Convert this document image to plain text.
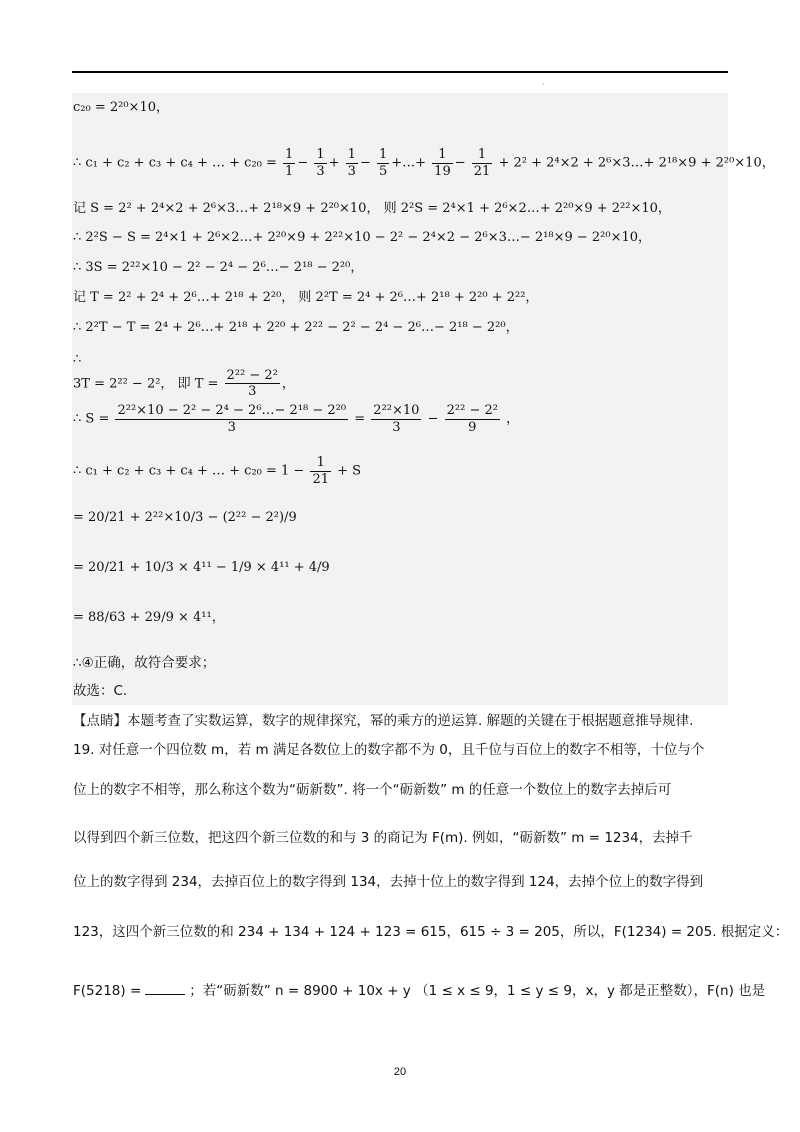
·
c₂₀ = 2²⁰×10，
∴ c₁ + c₂ + c₃ + c₄ + … + $c_{20} = \frac{1}{1} - \frac{1}{3} + \frac{1}{3} - \frac{1}{5}$ +…+ $\frac{1}{19} - \frac{1}{21} + 2^2 + 2^4\times 2$ + 2⁶×3…+ 2¹⁸×9 + 2²⁰×10，
记 S = 2² + 2⁴×2 + 2⁶×3…+ 2¹⁸×9 + 2²⁰×10， 则 2²S = 2⁴×1 + 2⁶×2…+ 2²⁰×9 + 2²²×10，
∴ 2²S − S = 2⁴×1 + 2⁶×2…+ 2²⁰×9 + 2²²×10 − 2² − 2⁴×2 − 2⁶×3…− 2¹⁸×9 − 2²⁰×10，
∴ 3S = 2²²×10 − 2² − 2⁴ − 2⁶…− 2¹⁸ − 2²⁰，
记 T = 2² + 2⁴ + 2⁶…+ 2¹⁸ + 2²⁰， 则 2²T = 2⁴ + 2⁶…+ 2¹⁸ + 2²⁰ + 2²²，
∴ 2²T − T = 2⁴ + 2⁶…+ 2¹⁸ + 2²⁰ + 2²² − 2² − 2⁴ − 2⁶…− 2¹⁸ − 2²⁰，
∴
3T = 2²² − 2²， 即 $T = \frac{\text{2²² − 2²}}{3}$ ，
∴ $S = \frac{\text{2²²×10 − 2² − 2⁴ − 2⁶…− 2¹⁸ − 2²⁰}}{3} = \frac{\text{2²²×10}}{3} - \frac{\text{2²² − 2²}}{9}$ ，
∴ c₁ + c₂ + c₃ + c₄ + … + $c_{20} = 1 - \frac{1}{21} + S$
= 20/21 + 2²²×10/3 − (2²² − 2²)/9
= 20/21 + 10/3 × 4¹¹ − 1/9 × 4¹¹ + 4/9
= 88/63 + 29/9 × 4¹¹，
∴④正确，故符合要求；
故选：C.
【点睛】本题考查了实数运算，数字的规律探究，幂的乘方的逆运算. 解题的关键在于根据题意推导规律.
19. 对任意一个四位数 m，若 m 满足各数位上的数字都不为 0，且千位与百位上的数字不相等，十位与个
位上的数字不相等，那么称这个数为“砺新数”. 将一个“砺新数” m 的任意一个数位上的数字去掉后可
以得到四个新三位数，把这四个新三位数的和与 3 的商记为 F(m). 例如，“砺新数” m = 1234，去掉千
位上的数字得到 234，去掉百位上的数字得到 134，去掉十位上的数字得到 124，去掉个位上的数字得到
123，这四个新三位数的和 234 + 134 + 124 + 123 = 615，615 ÷ 3 = 205，所以，F(1234) = 205. 根据定义：
F(5218) =	；若“砺新数” n = 8900 + 10x + y （1 ≤ x ≤ 9，1 ≤ y ≤ 9，x，y 都是正整数），F(n) 也是
20
